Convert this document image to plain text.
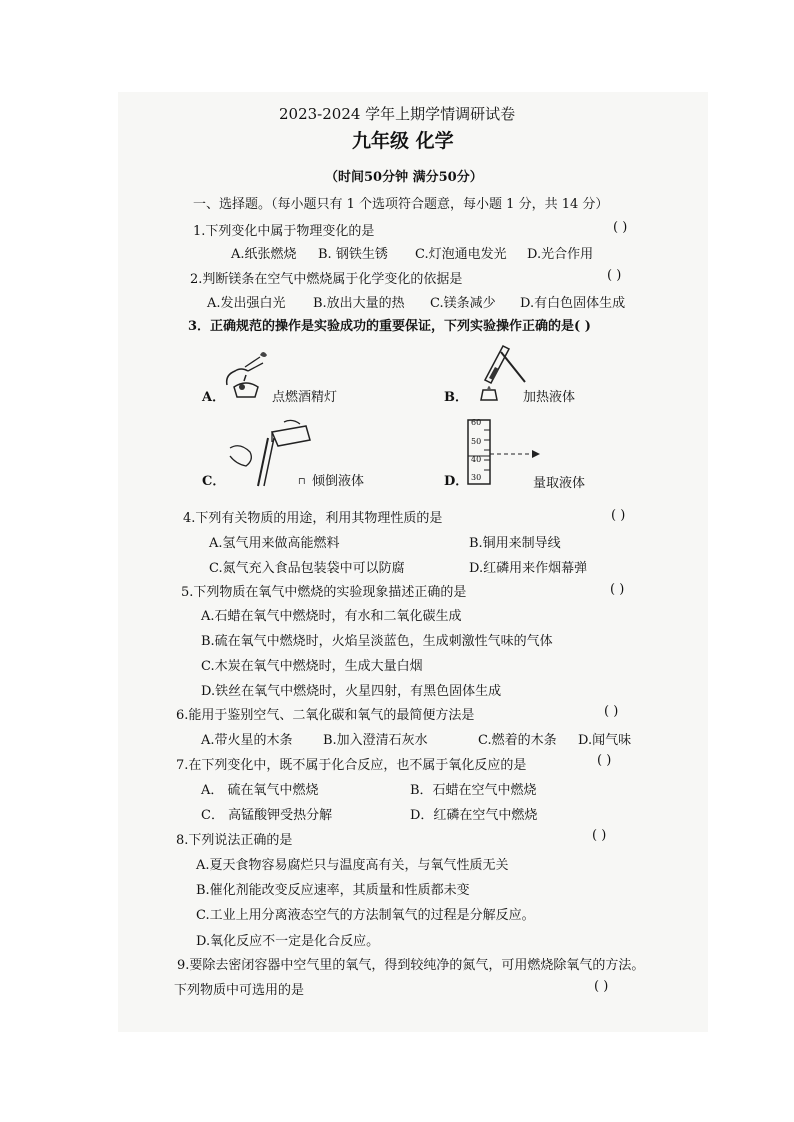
2023-2024 学年上期学情调研试卷
九年级 化学
（时间50分钟 满分50分）
一、选择题。（每小题只有 1 个选项符合题意，每小题 1 分，共 14 分）
1.下列变化中属于物理变化的是	( )
A.纸张燃烧 B. 钢铁生锈 C.灯泡通电发光 D.光合作用
2.判断镁条在空气中燃烧属于化学变化的依据是	( )
A.发出强白光 B.放出大量的热 C.镁条减少 D.有白色固体生成
3．正确规范的操作是实验成功的重要保证，下列实验操作正确的是( )
A．	点燃酒精灯	B．	加热液体
C．	⊓ 倾倒液体
60
50
40
30
D．	量取液体
4.下列有关物质的用途，利用其物理性质的是	( )
A.氢气用来做高能燃料	B.铜用来制导线
C.氮气充入食品包装袋中可以防腐	D.红磷用来作烟幕弹
5.下列物质在氧气中燃烧的实验现象描述正确的是	( )
A.石蜡在氧气中燃烧时，有水和二氧化碳生成
B.硫在氧气中燃烧时，火焰呈淡蓝色，生成刺激性气味的气体
C.木炭在氧气中燃烧时，生成大量白烟
D.铁丝在氧气中燃烧时，火星四射，有黑色固体生成
6.能用于鉴别空气、二氧化碳和氧气的最简便方法是	( )
A.带火星的木条 B.加入澄清石灰水	C.燃着的木条 D.闻气味
7.在下列变化中，既不属于化合反应，也不属于氧化反应的是	( )
A． 硫在氧气中燃烧	B．石蜡在空气中燃烧
C． 高锰酸钾受热分解	D．红磷在空气中燃烧
8.下列说法正确的是	( )
A.夏天食物容易腐烂只与温度高有关，与氧气性质无关
B.催化剂能改变反应速率，其质量和性质都未变
C.工业上用分离液态空气的方法制氧气的过程是分解反应。
D.氧化反应不一定是化合反应。
9.要除去密闭容器中空气里的氧气，得到较纯净的氮气，可用燃烧除氧气的方法。
下列物质中可选用的是	( )
